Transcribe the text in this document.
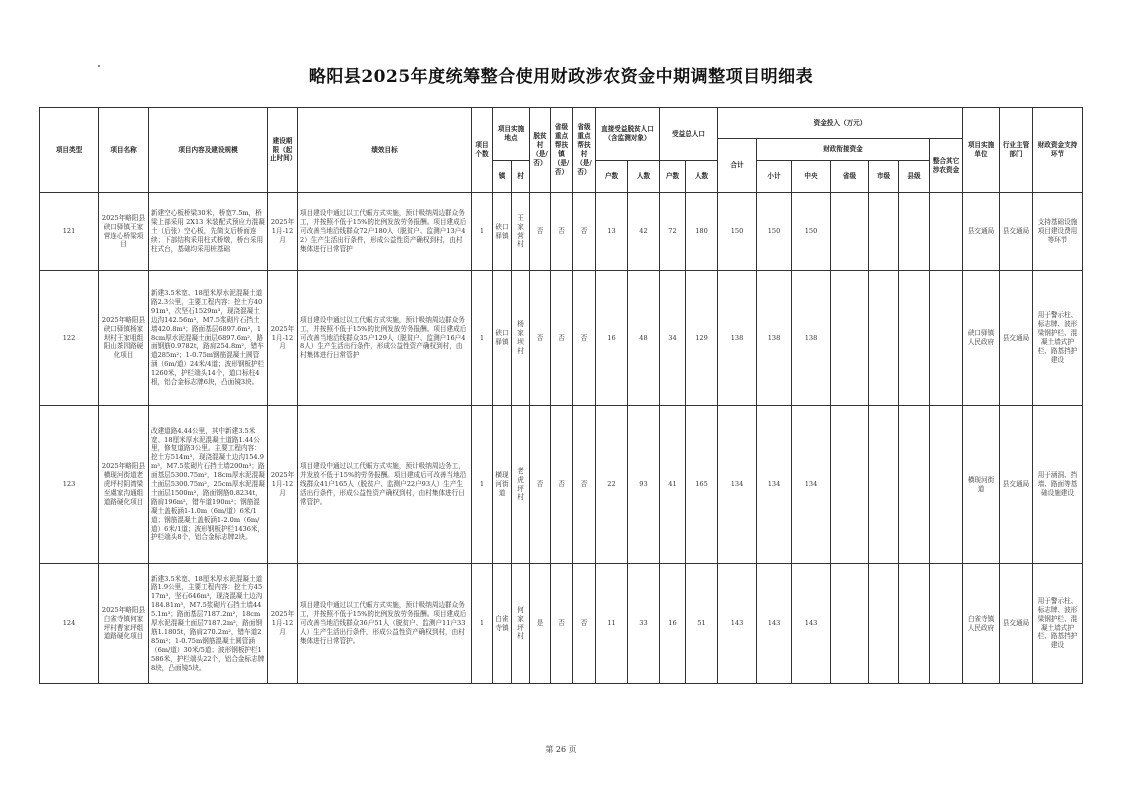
略阳县2025年度统筹整合使用财政涉农资金中期调整项目明细表
项目类型	项目名称	项目内容及建设规模	建设期限（起止时间）	绩效目标	项目个数	项目实施地点		脱贫村（是/否）	省级重点帮扶镇（是/否）	省级重点帮扶村（是/否）	直接受益脱贫人口（含监测对象）		受益总人口		资金投入（万元）							项目实施单位	行业主管部门	财政资金支持环节
															合计	财政衔接资金					整合其它涉农资金			
						镇	村				户数	人数	户数	人数		小计	中央	省级	市级	县级				
121	2025年略阳县硖口驿镇王家营连心桥梁项目	新建空心板桥梁30米，桥宽7.5m，桥梁上部采用 2X13 米装配式预应力混凝土（后张）空心板，先简支后桥面连续；下部结构采用柱式桥墩，桥台采用柱式台，基础均采用桩基础	2025年1月-12月	项目建设中通过以工代赈方式实施，预计吸纳周边群众务工，并按照不低于15%的比例发放劳务报酬。项目建成后可改善当地沿线群众72户180人（脱贫户、监测户13户42）生产生活出行条件，形成公益性资产确权到村，由村集体进行日常管护	1	硖口驿镇	王家营村	否	否	否	13	42	72	180	150	150	150					县交通局	县交通局	支持基础设施项目建设费用等环节
122	2025年略阳县硖口驿镇杨家坝村王家咀组阳山茶园路硬化项目	新建3.5米宽、18厘米厚水泥混凝土道路2.3公里，主要工程内容：挖土方4091m³，次坚石1529m³，现浇混凝土边沟142.56m³，M7.5浆砌片石挡土墙420.8m³；路面基层6897.6m²，18cm厚水泥混凝土面层6897.6m²，路面钢筋0.9782t，路肩254.8m²，错车道285m²；1-0.75m钢筋混凝土圆管涵（6m/道）24米/4道；波形钢板护栏1260米，护栏端头14个，道口标柱4根，铝合金标志牌6块，凸面镜3块。	2025年1月-12月	项目建设中通过以工代赈方式实施，预计吸纳周边群众务工，并按照不低于15%的比例发放劳务报酬。项目建成后可改善当地沿线群众35户129人（脱贫户、监测户16户48人）生产生活出行条件，形成公益性资产确权到村，由村集体进行日常管护	1	硖口驿镇	杨家坝村	否	否	否	16	48	34	129	138	138	138					硖口驿镇人民政府	县交通局	用于警示柱、标志牌、波形梁钢护栏、混凝土墙式护栏、路基挡护建设
123	2025年略阳县横现河街道老虎坪村阴湾梁至虞家沟通组道路硬化项目	改建道路4.44公里，其中新建3.5米宽、18厘米厚水泥混凝土道路1.44公里，修复道路3公里。主要工程内容：挖土方514m³，现浇混凝土边沟154.9m³，M7.5浆砌片石挡土墙200m³；路面基层5300.75m²，18cm厚水泥混凝土面层5300.75m²，25cm厚水泥混凝土面层1500m²，路面钢筋0.8234t，路肩196m²，错车道190m²；钢筋混凝土盖板涵1-1.0m（6m/道）6米/1道；钢筋混凝土盖板涵1-2.0m（6m/道）6米/1道；波形钢板护栏1436米，护栏端头8个，铝合金标志牌2块。	2025年1月-12月	项目建设中通过以工代赈方式实施，预计吸纳周边务工，并发放不低于15%的劳务报酬。项目建成后可改善当地沿线群众41户165人（脱贫户、监测户22户93人）生产生活出行条件，形成公益性资产确权到村，由村集体进行日常管护。	1	横现河街道	老虎坪村	否	否	否	22	93	41	165	134	134	134					横现河街道	县交通局	用于涵洞、挡墙、路面等基础设施建设
124	2025年略阳县白雀寺镇何家坪村曹家坪组道路硬化项目	新建3.5米宽、18厘米厚水泥混凝土道路1.9公里，主要工程内容：挖土方4517m³，坚石646m³，现浇混凝土边沟184.81m³，M7.5浆砌片石挡土墙445.1m³；路面基层7187.2m²，18cm厚水泥混凝土面层7187.2m²，路面钢筋1.1805t，路肩270.2m²，错车道285m²；1-0.75m钢筋混凝土圆管涵（6m/道）30米/5道；波形钢板护栏1586米，护栏端头22个，铝合金标志牌8块，凸面镜5块。	2025年1月-12月	项目建设中通过以工代赈方式实施，预计吸纳周边群众务工，并按照不低于15%的比例发放劳务报酬。项目建成后可改善当地沿线群众36户51人（脱贫户、监测户11户33人）生产生活出行条件，形成公益性资产确权到村，由村集体进行日常管护。	1	白雀寺镇	何家坪村	是	否	否	11	33	16	51	143	143	143					白雀寺镇人民政府	县交通局	用于警示柱、标志牌、波形梁钢护栏、混凝土墙式护栏、路基挡护建设
第 26 页
